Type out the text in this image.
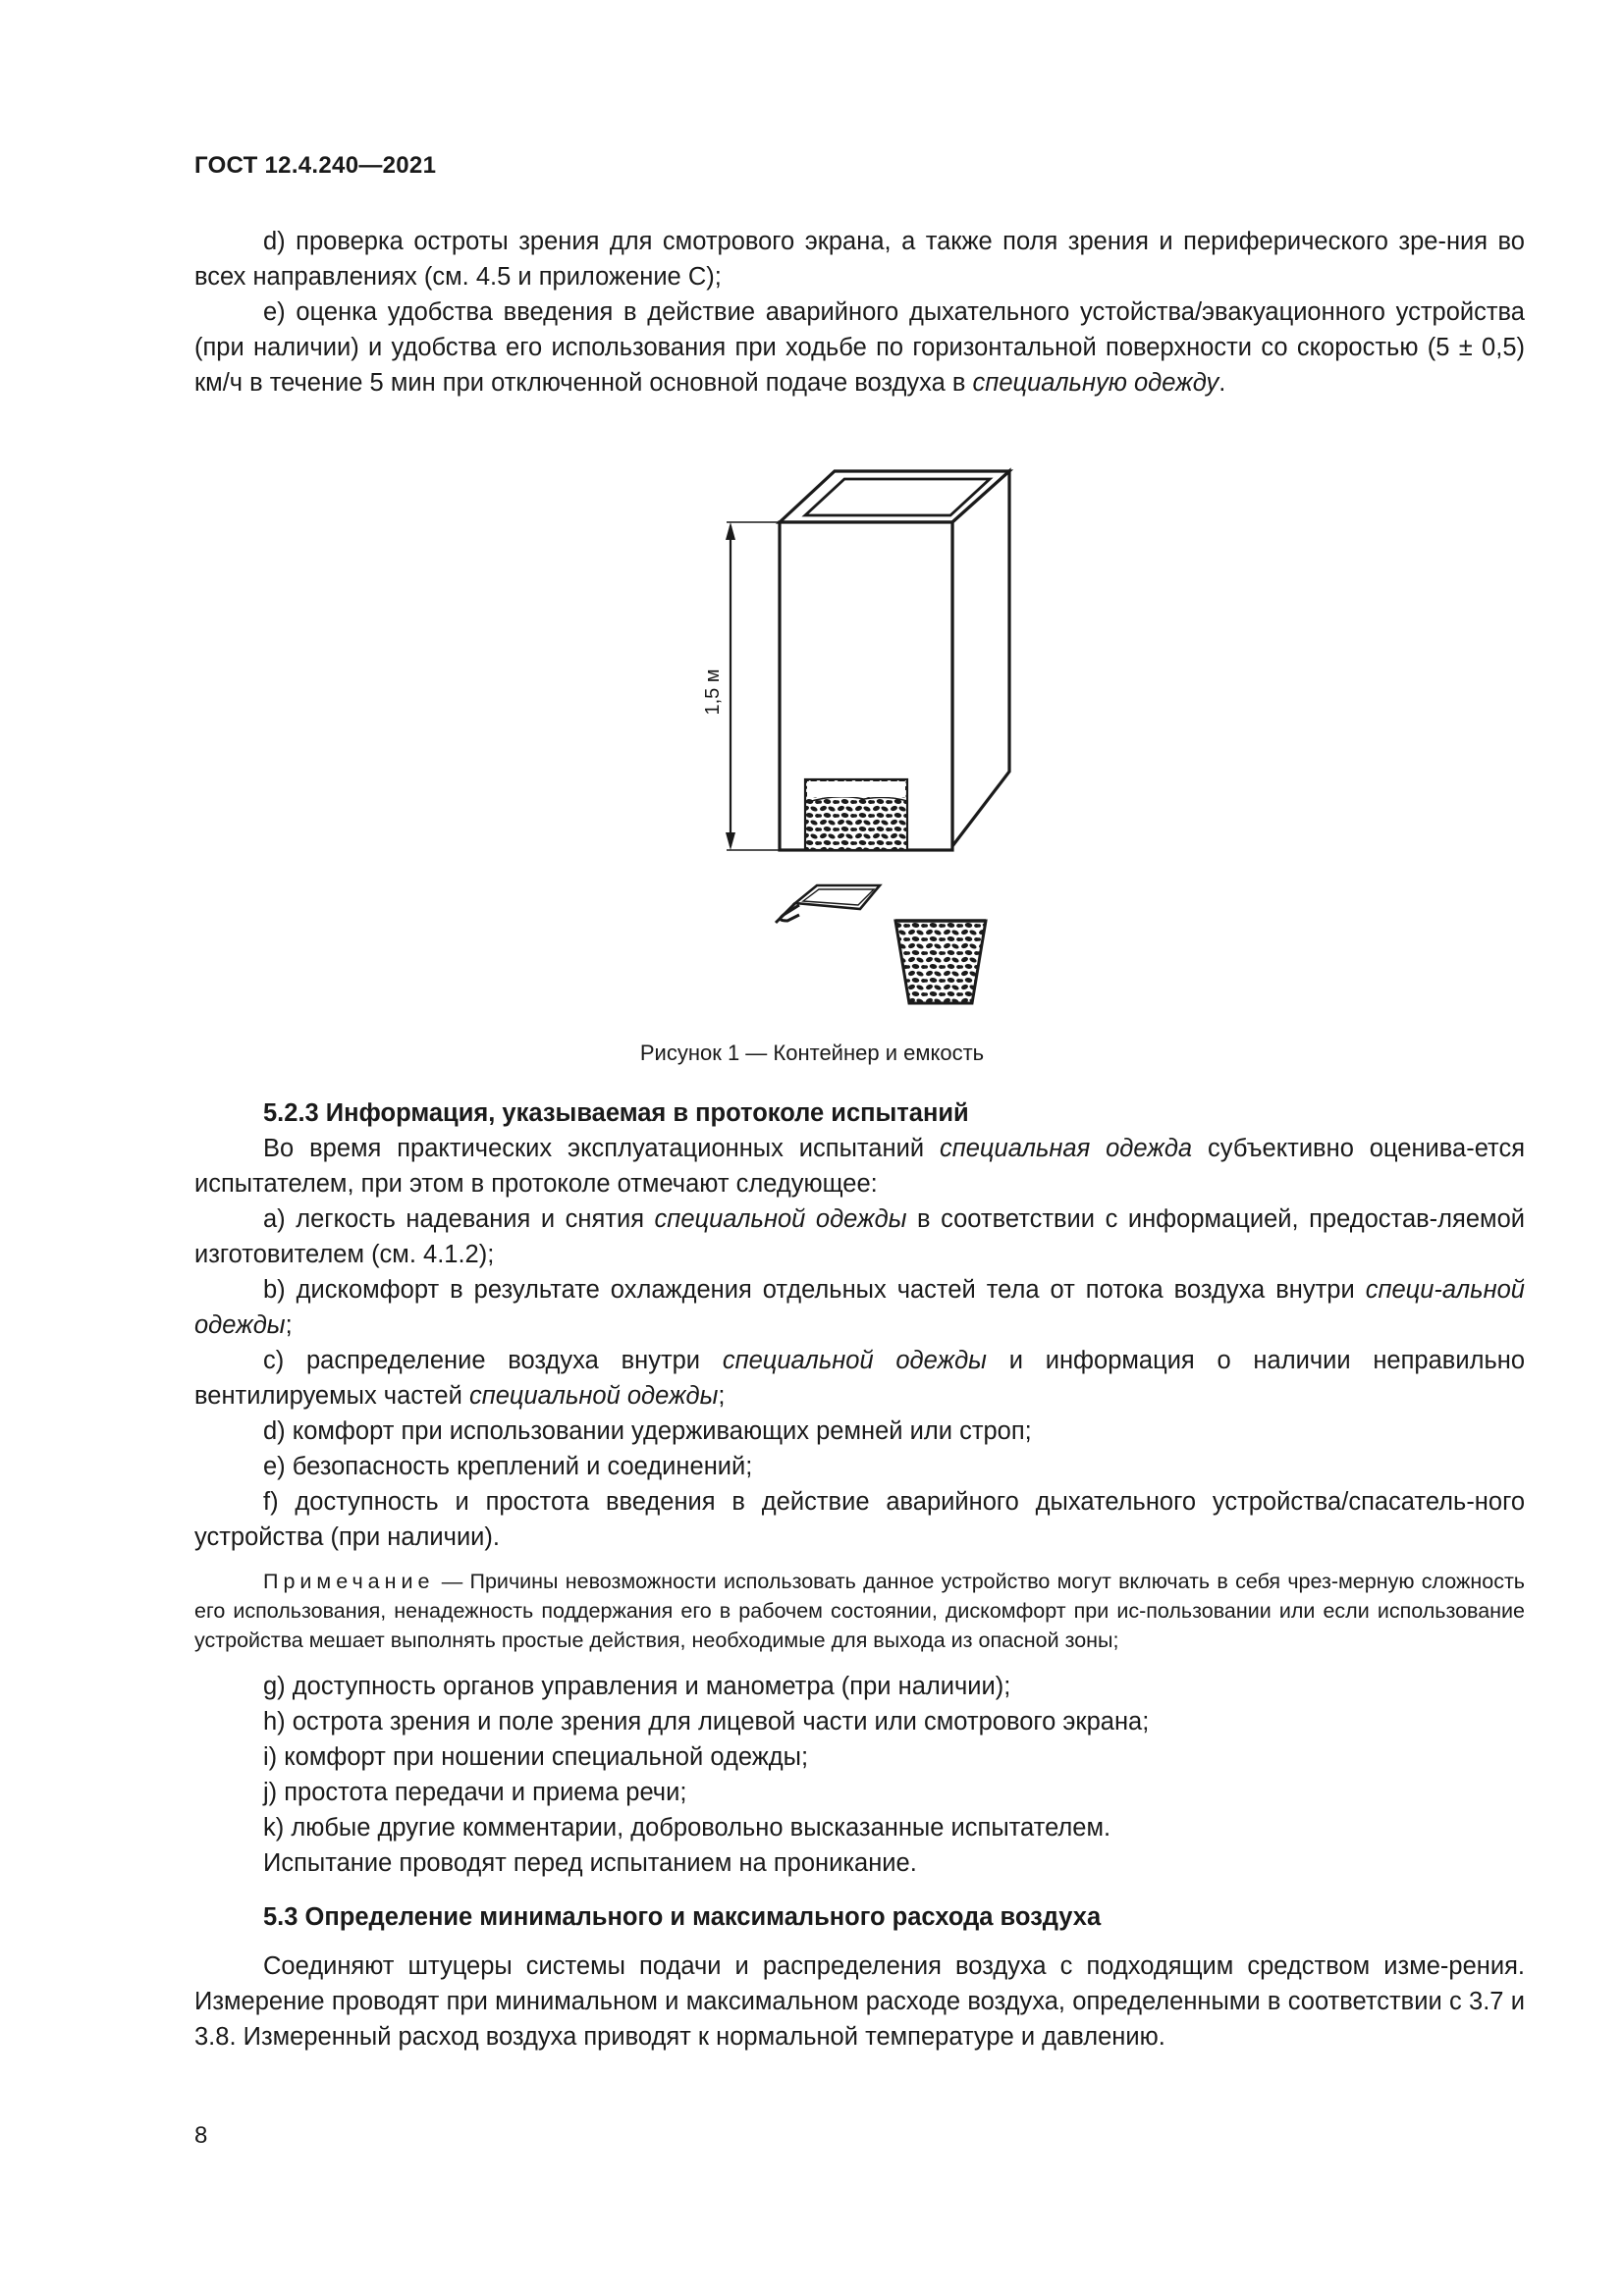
ГОСТ 12.4.240—2021

d) проверка остроты зрения для смотрового экрана, а также поля зрения и периферического зре-ния во всех направлениях (см. 4.5 и приложение С);

e) оценка удобства введения в действие аварийного дыхательного устойства/эвакуационного устройства (при наличии) и удобства его использования при ходьбе по горизонтальной поверхности со скоростью (5 ± 0,5) км/ч в течение 5 мин при отключенной основной подаче воздуха в специальную одежду.

1,5 м
Рисунок 1 — Контейнер и емкость

5.2.3 Информация, указываемая в протоколе испытаний

Во время практических эксплуатационных испытаний специальная одежда субъективно оценива-ется испытателем, при этом в протоколе отмечают следующее:

a) легкость надевания и снятия специальной одежды в соответствии с информацией, предостав-ляемой изготовителем (см. 4.1.2);

b) дискомфорт в результате охлаждения отдельных частей тела от потока воздуха внутри специ-альной одежды;

c) распределение воздуха внутри специальной одежды и информация о наличии неправильно вентилируемых частей специальной одежды;

d) комфорт при использовании удерживающих ремней или строп;

e) безопасность креплений и соединений;

f) доступность и простота введения в действие аварийного дыхательного устройства/спасатель-ного устройства (при наличии).

Примечание — Причины невозможности использовать данное устройство могут включать в себя чрез-мерную сложность его использования, ненадежность поддержания его в рабочем состоянии, дискомфорт при ис-пользовании или если использование устройства мешает выполнять простые действия, необходимые для выхода из опасной зоны;

g) доступность органов управления и манометра (при наличии);

h) острота зрения и поле зрения для лицевой части или смотрового экрана;

i) комфорт при ношении специальной одежды;

j) простота передачи и приема речи;

k) любые другие комментарии, добровольно высказанные испытателем.

Испытание проводят перед испытанием на проникание.

5.3 Определение минимального и максимального расхода воздуха

Соединяют штуцеры системы подачи и распределения воздуха с подходящим средством изме-рения. Измерение проводят при минимальном и максимальном расходе воздуха, определенными в соответствии с 3.7 и 3.8. Измеренный расход воздуха приводят к нормальной температуре и давлению.

8
